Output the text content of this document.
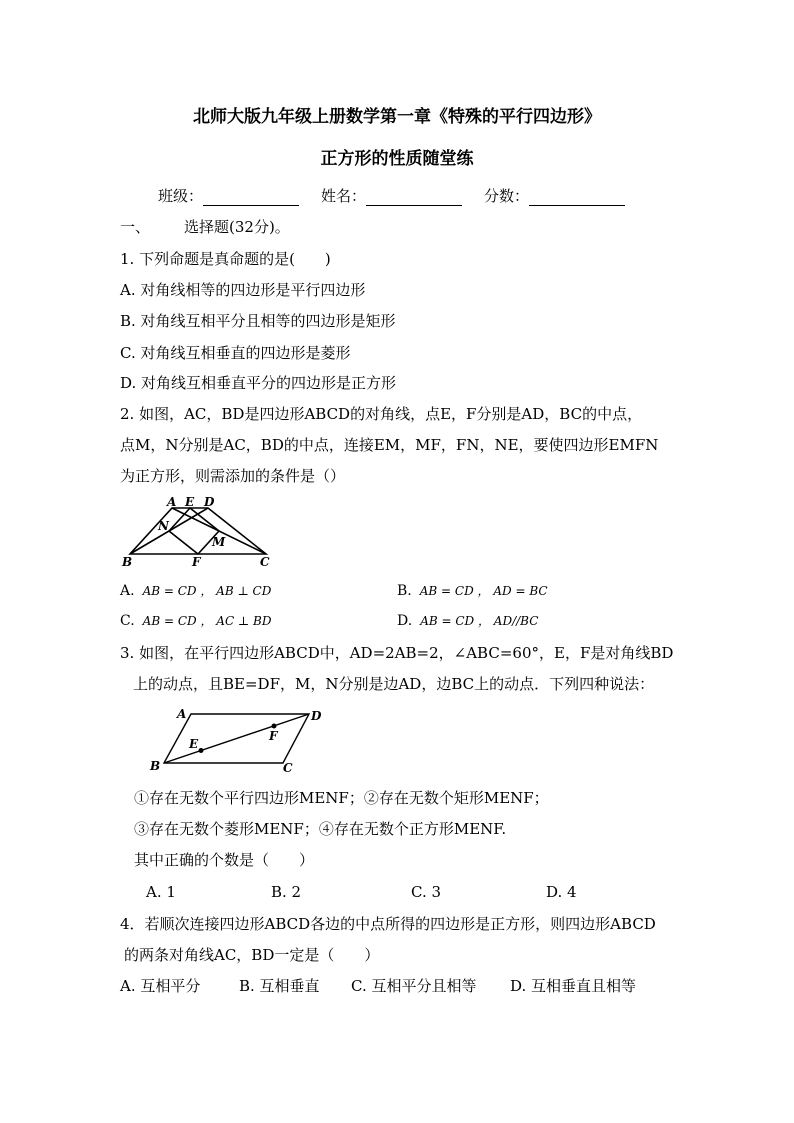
北师大版九年级上册数学第一章《特殊的平行四边形》
正方形的性质随堂练
班级：	姓名：	分数：
一、 选择题(32分)。
1. 下列命题是真命题的是(　　)
A. 对角线相等的四边形是平行四边形
B. 对角线互相平分且相等的四边形是矩形
C. 对角线互相垂直的四边形是菱形
D. 对角线互相垂直平分的四边形是正方形
2. 如图，AC，BD是四边形ABCD的对角线，点E，F分别是AD，BC的中点，
点M，N分别是AC，BD的中点，连接EM，MF，FN，NE，要使四边形EMFN
为正方形，则需添加的条件是（）
A E D
N
M
B	F	C
A. AB = CD ， AB ⊥ CD	B. AB = CD ， AD = BC
C. AB = CD ， AC ⊥ BD	D. AB = CD ， AD//BC
3. 如图，在平行四边形ABCD中，AD=2AB=2，∠ABC=60°，E，F是对角线BD
上的动点，且BE=DF，M，N分别是边AD，边BC上的动点．下列四种说法：
A	D
E
F
B	C
①存在无数个平行四边形MENF；②存在无数个矩形MENF；
③存在无数个菱形MENF；④存在无数个正方形MENF.
其中正确的个数是（　　）
A. 1	B. 2	C. 3	D. 4
4．若顺次连接四边形ABCD各边的中点所得的四边形是正方形，则四边形ABCD
的两条对角线AC，BD一定是（　　）
A. 互相平分	B. 互相垂直 C. 互相平分且相等 D. 互相垂直且相等
